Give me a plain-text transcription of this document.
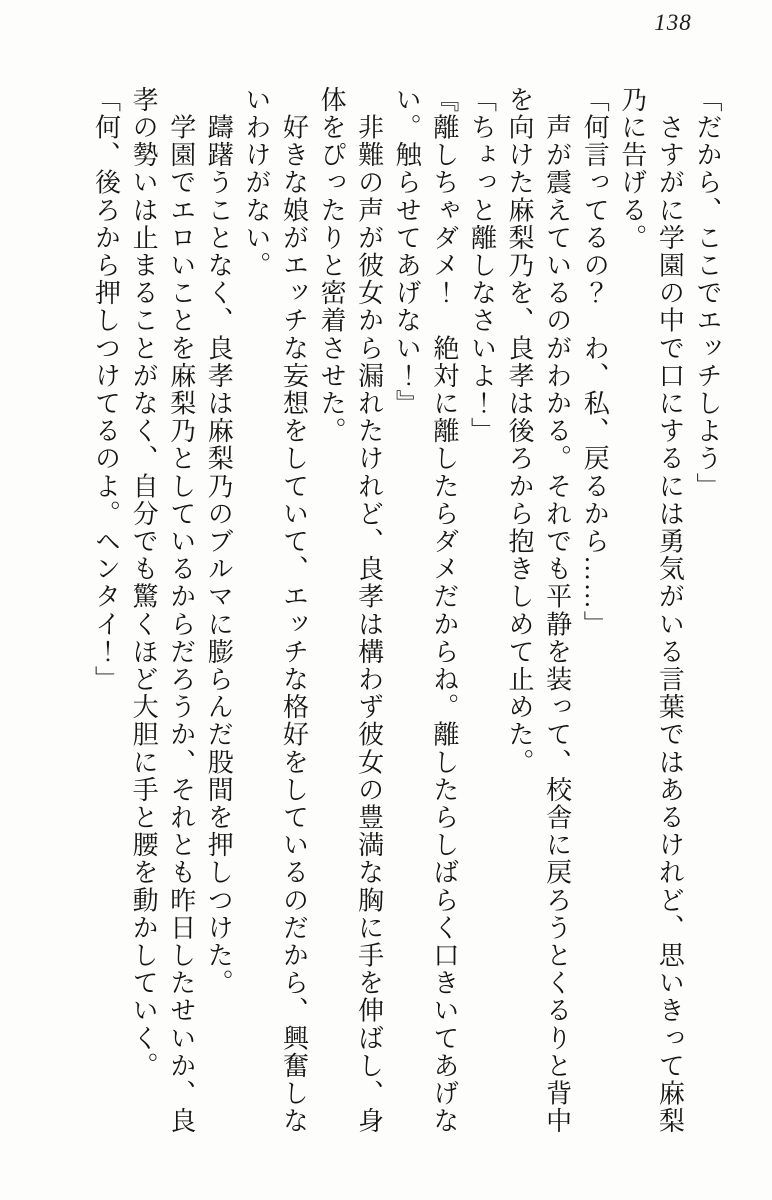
138
「だから、ここでエッチしよう」
　さすがに学園の中で口にするには勇気がいる言葉ではあるけれど、思いきって麻梨
乃に告げる。
「何言ってるの？　わ、私、戻るから……」
　声が震えているのがわかる。それでも平静を装って、校舎に戻ろうとくるりと背中
を向けた麻梨乃を、良孝は後ろから抱きしめて止めた。
「ちょっと離しなさいよ！」
『離しちゃダメ！　絶対に離したらダメだからね。離したらしばらく口きいてあげな
い。触らせてあげない！』
　非難の声が彼女から漏れたけれど、良孝は構わず彼女の豊満な胸に手を伸ばし、身
体をぴったりと密着させた。
　好きな娘がエッチな妄想をしていて、エッチな格好をしているのだから、興奮しな
いわけがない。
　躊躇うことなく、良孝は麻梨乃のブルマに膨らんだ股間を押しつけた。
　学園でエロいことを麻梨乃としているからだろうか、それとも昨日したせいか、良
孝の勢いは止まることがなく、自分でも驚くほど大胆に手と腰を動かしていく。
「何、後ろから押しつけてるのよ。ヘンタイ！」
